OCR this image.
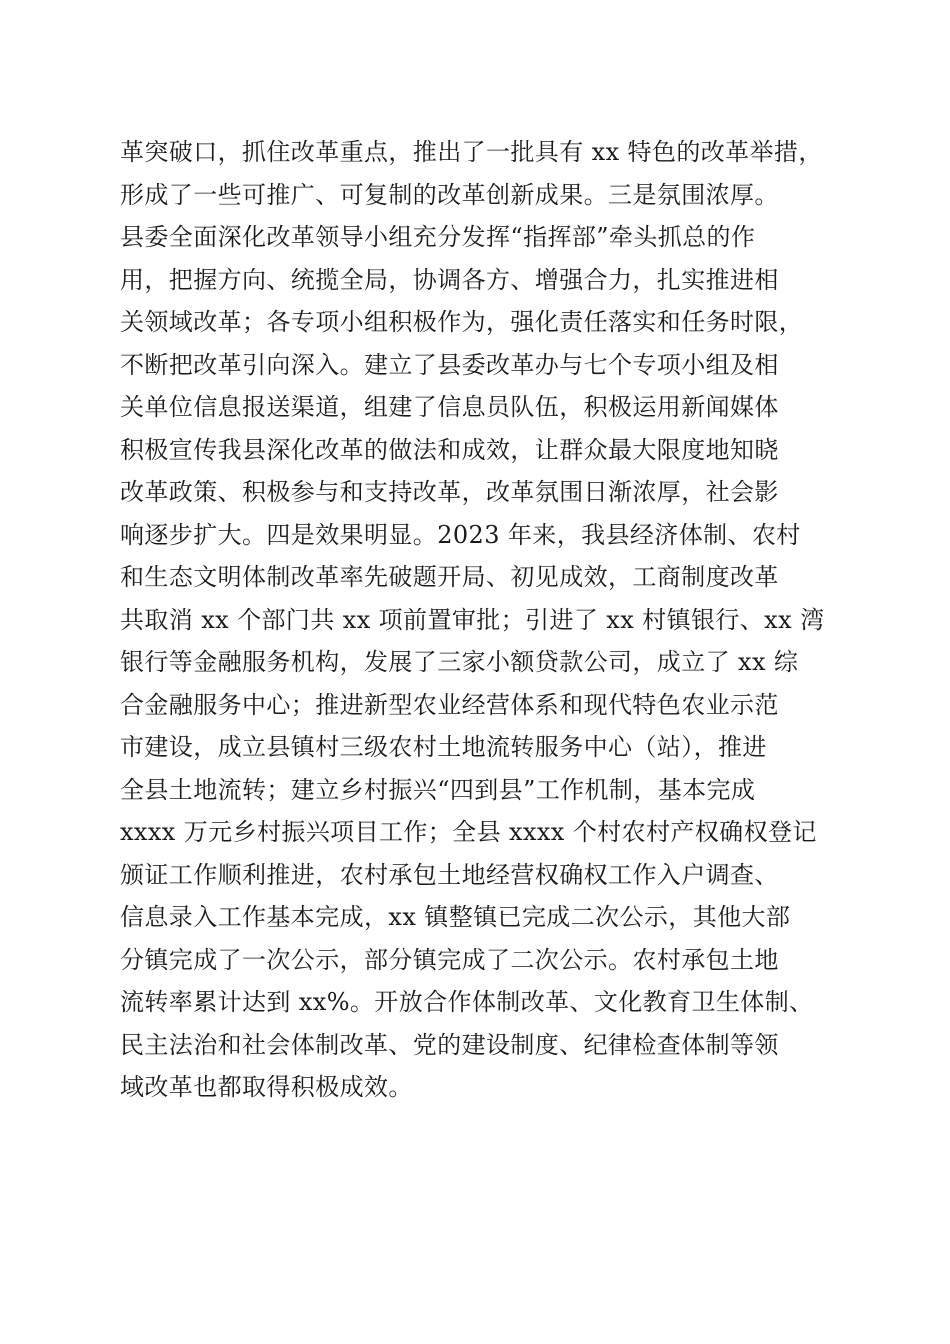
革突破口，抓住改革重点，推出了一批具有 xx 特色的改革举措，
形成了一些可推广、可复制的改革创新成果。三是氛围浓厚。
县委全面深化改革领导小组充分发挥“指挥部”牵头抓总的作
用，把握方向、统揽全局，协调各方、增强合力，扎实推进相
关领域改革；各专项小组积极作为，强化责任落实和任务时限，
不断把改革引向深入。建立了县委改革办与七个专项小组及相
关单位信息报送渠道，组建了信息员队伍，积极运用新闻媒体
积极宣传我县深化改革的做法和成效，让群众最大限度地知晓
改革政策、积极参与和支持改革，改革氛围日渐浓厚，社会影
响逐步扩大。四是效果明显。2023 年来，我县经济体制、农村
和生态文明体制改革率先破题开局、初见成效，工商制度改革
共取消 xx 个部门共 xx 项前置审批；引进了 xx 村镇银行、xx 湾
银行等金融服务机构，发展了三家小额贷款公司，成立了 xx 综
合金融服务中心；推进新型农业经营体系和现代特色农业示范
市建设，成立县镇村三级农村土地流转服务中心（站），推进
全县土地流转；建立乡村振兴“四到县”工作机制，基本完成
xxxx 万元乡村振兴项目工作；全县 xxxx 个村农村产权确权登记
颁证工作顺利推进，农村承包土地经营权确权工作入户调查、
信息录入工作基本完成，xx 镇整镇已完成二次公示，其他大部
分镇完成了一次公示，部分镇完成了二次公示。农村承包土地
流转率累计达到 xx%。开放合作体制改革、文化教育卫生体制、
民主法治和社会体制改革、党的建设制度、纪律检查体制等领
域改革也都取得积极成效。
